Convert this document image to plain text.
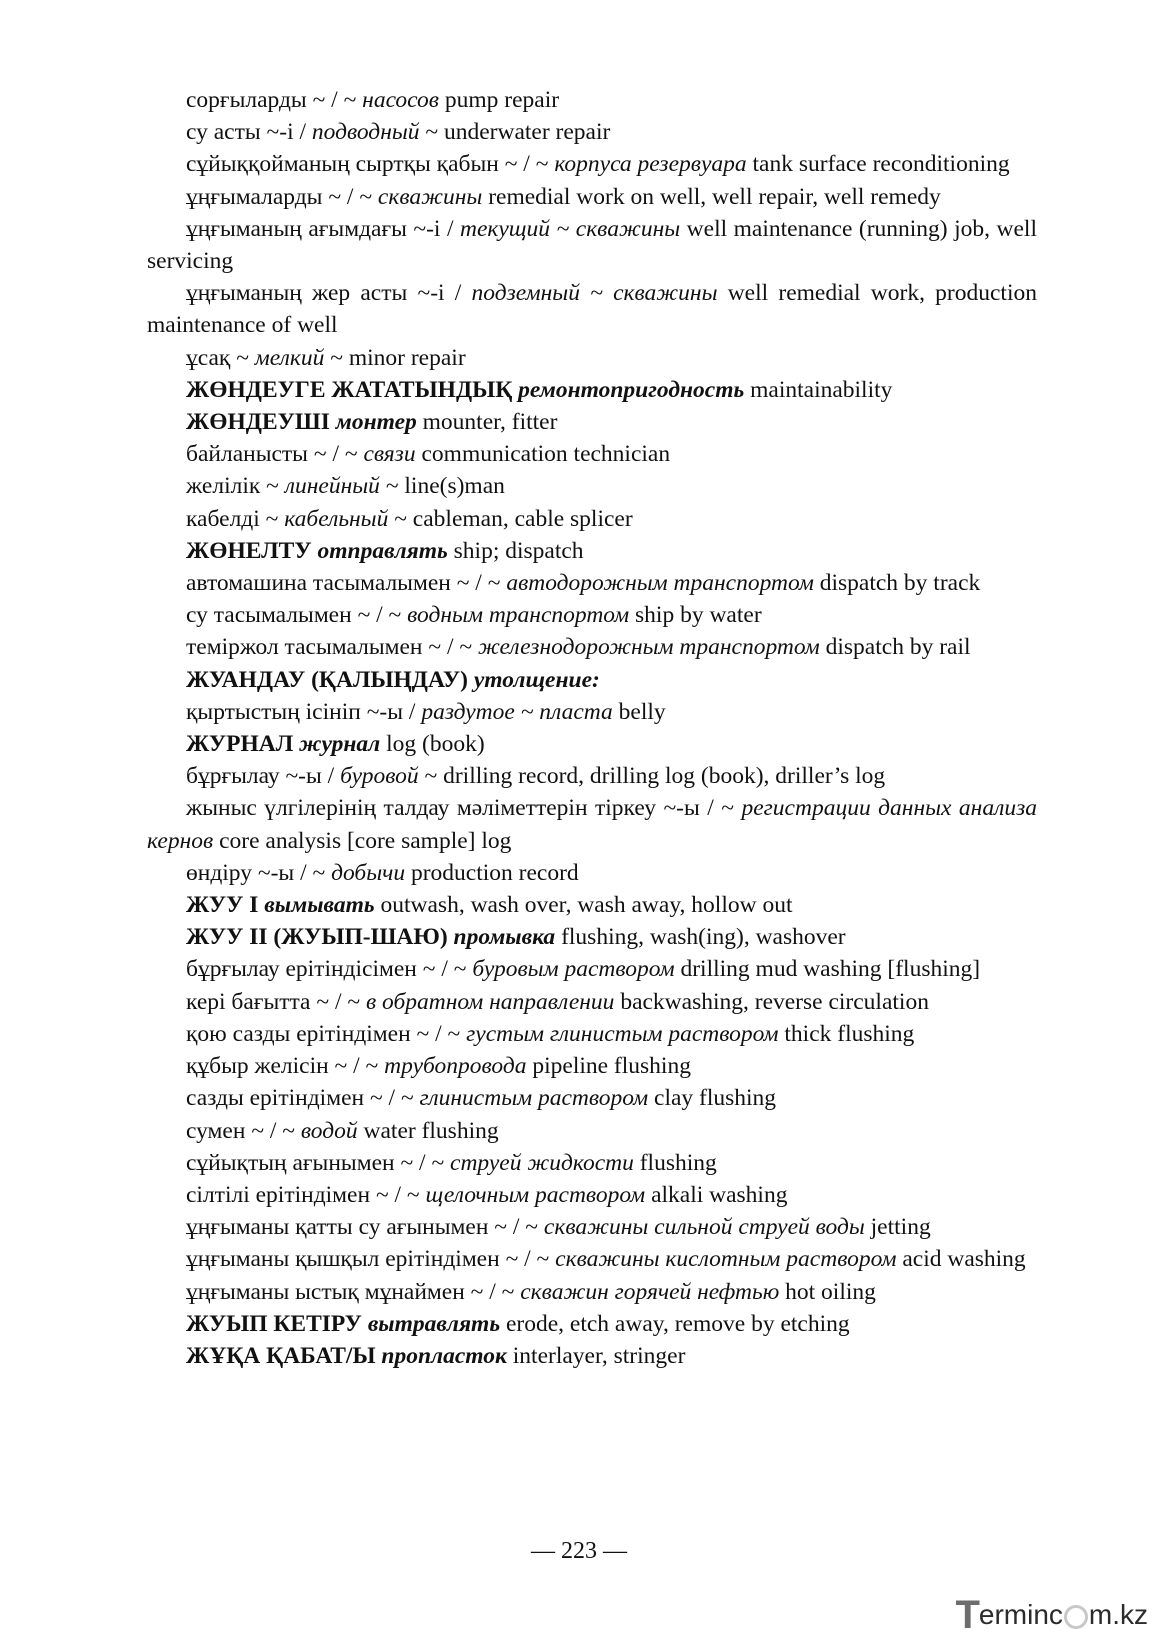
сорғыларды ~ / ~ насосов pump repair

су асты ~-і / подводный ~ underwater repair

сұйыққойманың сыртқы қабын ~ / ~ корпуса резервуара tank surface reconditioning

ұңғымаларды ~ / ~ скважины remedial work on well, well repair, well remedy

ұңғыманың ағымдағы ~-і / текущий ~ скважины well maintenance (running) job, well servicing

ұңғыманың жер асты ~-і / подземный ~ скважины well remedial work, production maintenance of well

ұсақ ~ мелкий ~ minor repair

ЖӨНДЕУГЕ ЖАТАТЫНДЫҚ ремонтопригодность maintainability

ЖӨНДЕУШІ монтер mounter, fitter

байланысты ~ / ~ связи communication technician

желілік ~ линейный ~ line(s)man

кабелді ~ кабельный ~ cableman, cable splicer

ЖӨНЕЛТУ отправлять ship; dispatch

автомашина тасымалымен ~ / ~ автодорожным транспортом dispatch by track

су тасымалымен ~ / ~ водным транспортом ship by water

теміржол тасымалымен ~ / ~ железнодорожным транспортом dispatch by rail

ЖУАНДАУ (ҚАЛЫҢДАУ) утолщение:

қыртыстың ісініп ~-ы / раздутое ~ пласта belly

ЖУРНАЛ журнал log (book)

бұрғылау ~-ы / буровой ~ drilling record, drilling log (book), driller’s log

жыныс үлгілерінің талдау мәліметтерін тіркеу ~-ы / ~ регистрации данных анализа кернов core analysis [core sample] log

өндіру ~-ы / ~ добычи production record

ЖУУ І вымывать outwash, wash over, wash away, hollow out

ЖУУ ІІ (ЖУЫП-ШАЮ) промывка flushing, wash(ing), washover

бұрғылау ерітіндісімен ~ / ~ буровым раствором drilling mud washing [flushing]

кері бағытта ~ / ~ в обратном направлении backwashing, reverse circulation

қою сазды ерітіндімен ~ / ~ густым глинистым раствором thick flushing

құбыр желісін ~ / ~ трубопровода pipeline flushing

сазды ерітіндімен ~ / ~ глинистым раствором clay flushing

сумен ~ / ~ водой water flushing

сұйықтың ағынымен ~ / ~ струей жидкости flushing

сілтілі ерітіндімен ~ / ~ щелочным раствором alkali washing

ұңғыманы қатты су ағынымен ~ / ~ скважины сильной струей воды jetting

ұңғыманы қышқыл ерітіндімен ~ / ~ скважины кислотным раствором acid washing

ұңғыманы ыстық мұнаймен ~ / ~ скважин горячей нефтью hot oiling

ЖУЫП КЕТІРУ вытравлять erode, etch away, remove by etching

ЖҰҚА ҚАБАТ/Ы пропласток interlayer, stringer

— 223 —
T erminc m.kz
